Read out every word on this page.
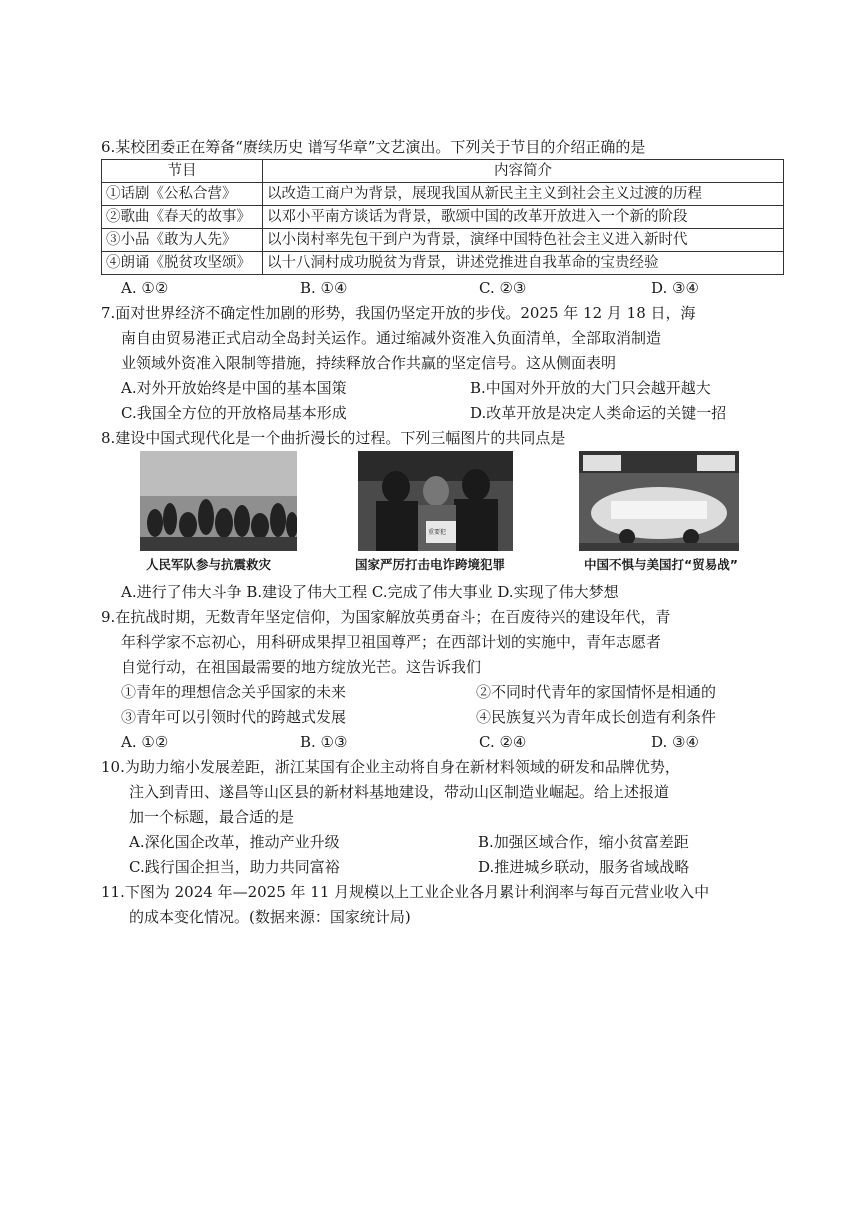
6.某校团委正在筹备“赓续历史 谱写华章”文艺演出。下列关于节目的介绍正确的是
节目	内容简介
①话剧《公私合营》	以改造工商户为背景，展现我国从新民主主义到社会主义过渡的历程
②歌曲《春天的故事》	以邓小平南方谈话为背景，歌颂中国的改革开放进入一个新的阶段
③小品《敢为人先》	以小岗村率先包干到户为背景，演绎中国特色社会主义进入新时代
④朗诵《脱贫攻坚颂》	以十八洞村成功脱贫为背景，讲述党推进自我革命的宝贵经验
A. ①②	B. ①④	C. ②③	D. ③④
7.面对世界经济不确定性加剧的形势，我国仍坚定开放的步伐。2025 年 12 月 18 日，海
南自由贸易港正式启动全岛封关运作。通过缩减外资准入负面清单，全部取消制造
业领域外资准入限制等措施，持续释放合作共赢的坚定信号。这从侧面表明
A.对外开放始终是中国的基本国策	B.中国对外开放的大门只会越开越大
C.我国全方位的开放格局基本形成	D.改革开放是决定人类命运的关键一招
8.建设中国式现代化是一个曲折漫长的过程。下列三幅图片的共同点是
人民军队参与抗震救灾
重要犯
国家严厉打击电诈跨境犯罪	中国不惧与美国打“贸易战”
A.进行了伟大斗争 B.建设了伟大工程 C.完成了伟大事业 D.实现了伟大梦想
9.在抗战时期，无数青年坚定信仰，为国家解放英勇奋斗；在百废待兴的建设年代，青
年科学家不忘初心，用科研成果捍卫祖国尊严；在西部计划的实施中，青年志愿者
自觉行动，在祖国最需要的地方绽放光芒。这告诉我们
①青年的理想信念关乎国家的未来	②不同时代青年的家国情怀是相通的
③青年可以引领时代的跨越式发展	④民族复兴为青年成长创造有利条件
A. ①②	B. ①③	C. ②④	D. ③④
10.为助力缩小发展差距，浙江某国有企业主动将自身在新材料领域的研发和品牌优势，
注入到青田、遂昌等山区县的新材料基地建设，带动山区制造业崛起。给上述报道
加一个标题，最合适的是
A.深化国企改革，推动产业升级	B.加强区域合作，缩小贫富差距
C.践行国企担当，助力共同富裕	D.推进城乡联动，服务省域战略
11.下图为 2024 年—2025 年 11 月规模以上工业企业各月累计利润率与每百元营业收入中
的成本变化情况。(数据来源：国家统计局)
